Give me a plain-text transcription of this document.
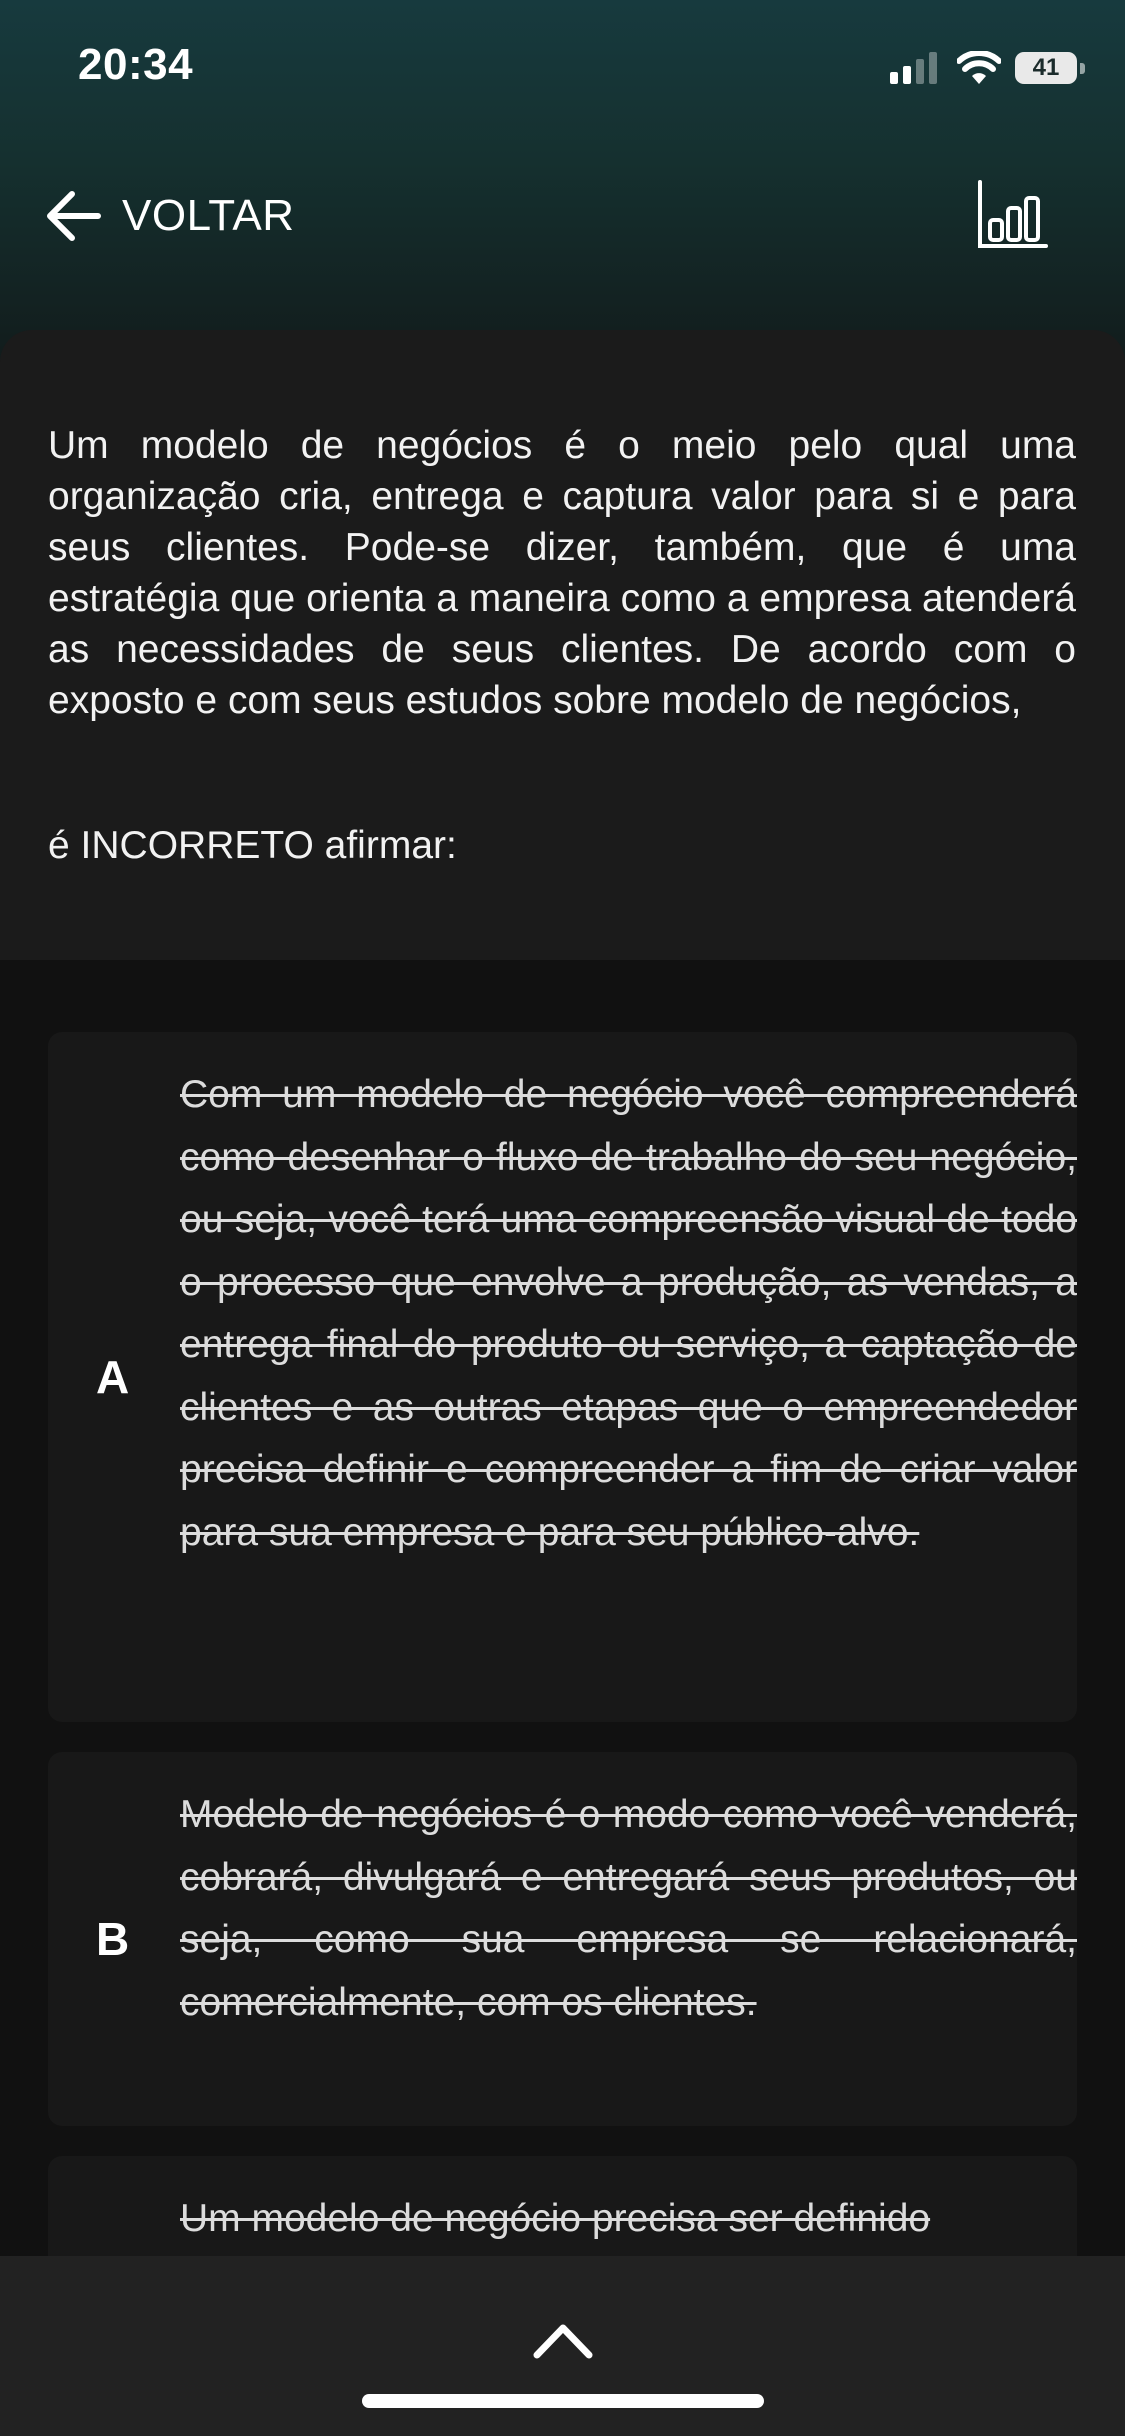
20:34	41
VOLTAR
Um modelo de negócios é o meio pelo qual uma organização cria, entrega e captura valor para si e para seus clientes. Pode-se dizer, também, que é uma estratégia que orienta a maneira como a empresa atenderá as necessidades de seus clientes. De acordo com o exposto e com seus estudos sobre modelo de negócios,
é INCORRETO afirmar:
A
Com um modelo de negócio você compreenderá como desenhar o fluxo de trabalho do seu negócio, ou seja, você terá uma compreensão visual de todo o processo que envolve a produção, as vendas, a entrega final do produto ou serviço, a captação de clientes e as outras etapas que o empreendedor precisa definir e compreender a fim de criar valor para sua empresa e para seu público-alvo.
B
Modelo de negócios é o modo como você venderá, cobrará, divulgará e entregará seus produtos, ou seja, como sua empresa se relacionará, comercialmente, com os clientes.
Um modelo de negócio precisa ser definido
